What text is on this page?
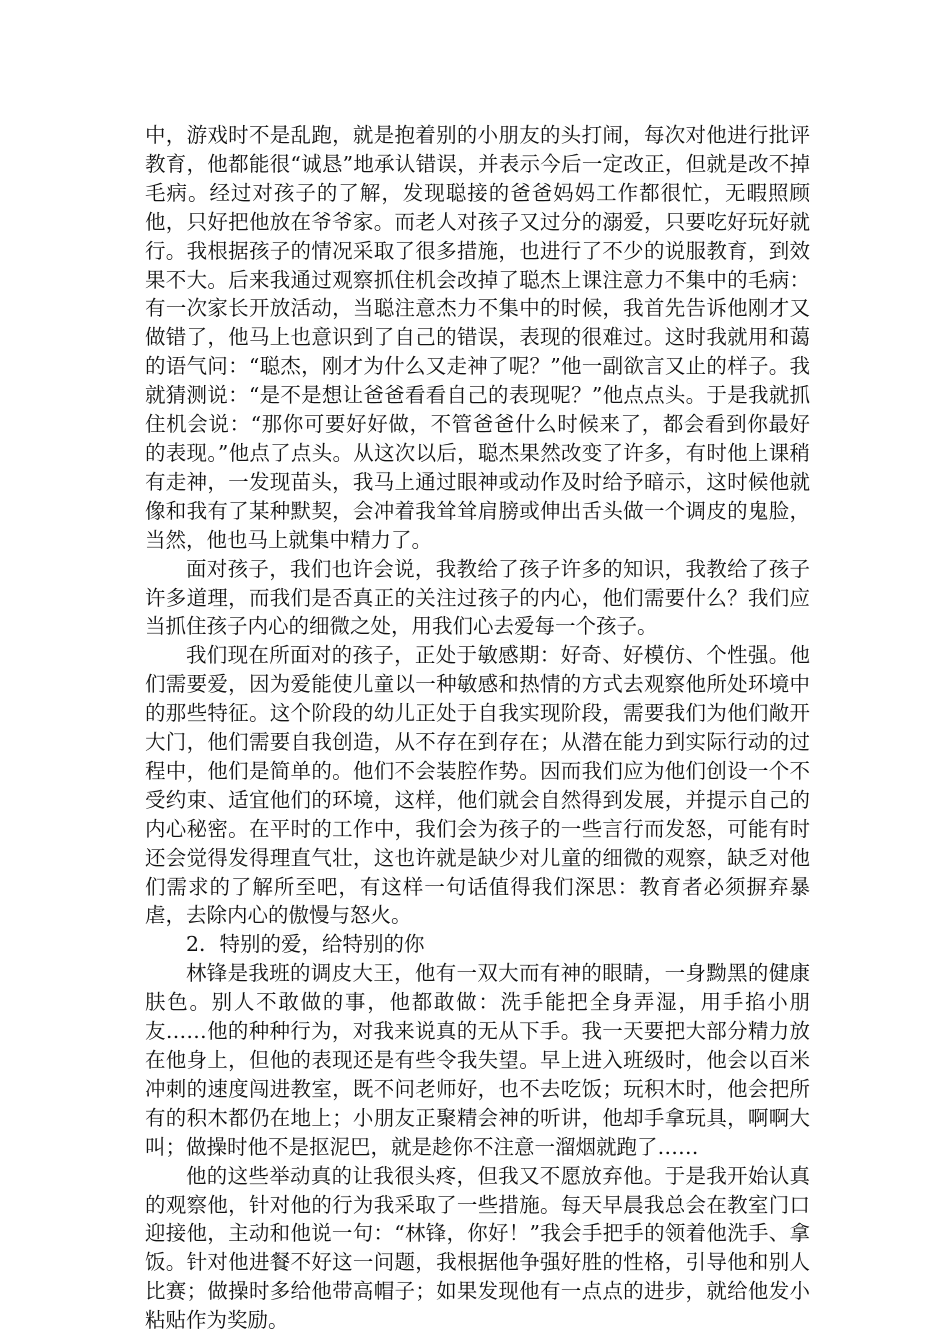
中，游戏时不是乱跑，就是抱着别的小朋友的头打闹，每次对他进行批评教育，他都能很“诚恳”地承认错误，并表示今后一定改正，但就是改不掉毛病。经过对孩子的了解，发现聪接的爸爸妈妈工作都很忙，无暇照顾他，只好把他放在爷爷家。而老人对孩子又过分的溺爱，只要吃好玩好就行。我根据孩子的情况采取了很多措施，也进行了不少的说服教育，到效果不大。后来我通过观察抓住机会改掉了聪杰上课注意力不集中的毛病：有一次家长开放活动，当聪注意杰力不集中的时候，我首先告诉他刚才又做错了，他马上也意识到了自己的错误，表现的很难过。这时我就用和蔼的语气问：“聪杰，刚才为什么又走神了呢？”他一副欲言又止的样子。我就猜测说：“是不是想让爸爸看看自己的表现呢？”他点点头。于是我就抓住机会说：“那你可要好好做，不管爸爸什么时候来了，都会看到你最好的表现。”他点了点头。从这次以后，聪杰果然改变了许多，有时他上课稍有走神，一发现苗头，我马上通过眼神或动作及时给予暗示，这时候他就像和我有了某种默契，会冲着我耸耸肩膀或伸出舌头做一个调皮的鬼脸，当然，他也马上就集中精力了。

面对孩子，我们也许会说，我教给了孩子许多的知识，我教给了孩子许多道理，而我们是否真正的关注过孩子的内心，他们需要什么？我们应当抓住孩子内心的细微之处，用我们心去爱每一个孩子。

我们现在所面对的孩子，正处于敏感期：好奇、好模仿、个性强。他们需要爱，因为爱能使儿童以一种敏感和热情的方式去观察他所处环境中的那些特征。这个阶段的幼儿正处于自我实现阶段，需要我们为他们敞开大门，他们需要自我创造，从不存在到存在；从潜在能力到实际行动的过程中，他们是简单的。他们不会装腔作势。因而我们应为他们创设一个不受约束、适宜他们的环境，这样，他们就会自然得到发展，并提示自己的内心秘密。在平时的工作中，我们会为孩子的一些言行而发怒，可能有时还会觉得发得理直气壮，这也许就是缺少对儿童的细微的观察，缺乏对他们需求的了解所至吧，有这样一句话值得我们深思：教育者必须摒弃暴虐，去除内心的傲慢与怒火。

2．特别的爱，给特别的你

林锋是我班的调皮大王，他有一双大而有神的眼睛，一身黝黑的健康肤色。别人不敢做的事，他都敢做：洗手能把全身弄湿，用手掐小朋友……他的种种行为，对我来说真的无从下手。我一天要把大部分精力放在他身上，但他的表现还是有些令我失望。早上进入班级时，他会以百米冲刺的速度闯进教室，既不问老师好，也不去吃饭；玩积木时，他会把所有的积木都仍在地上；小朋友正聚精会神的听讲，他却手拿玩具，啊啊大叫；做操时他不是抠泥巴，就是趁你不注意一溜烟就跑了……

他的这些举动真的让我很头疼，但我又不愿放弃他。于是我开始认真的观察他，针对他的行为我采取了一些措施。每天早晨我总会在教室门口迎接他，主动和他说一句：“林锋，你好！”我会手把手的领着他洗手、拿饭。针对他进餐不好这一问题，我根据他争强好胜的性格，引导他和别人比赛；做操时多给他带高帽子；如果发现他有一点点的进步，就给他发小粘贴作为奖励。
